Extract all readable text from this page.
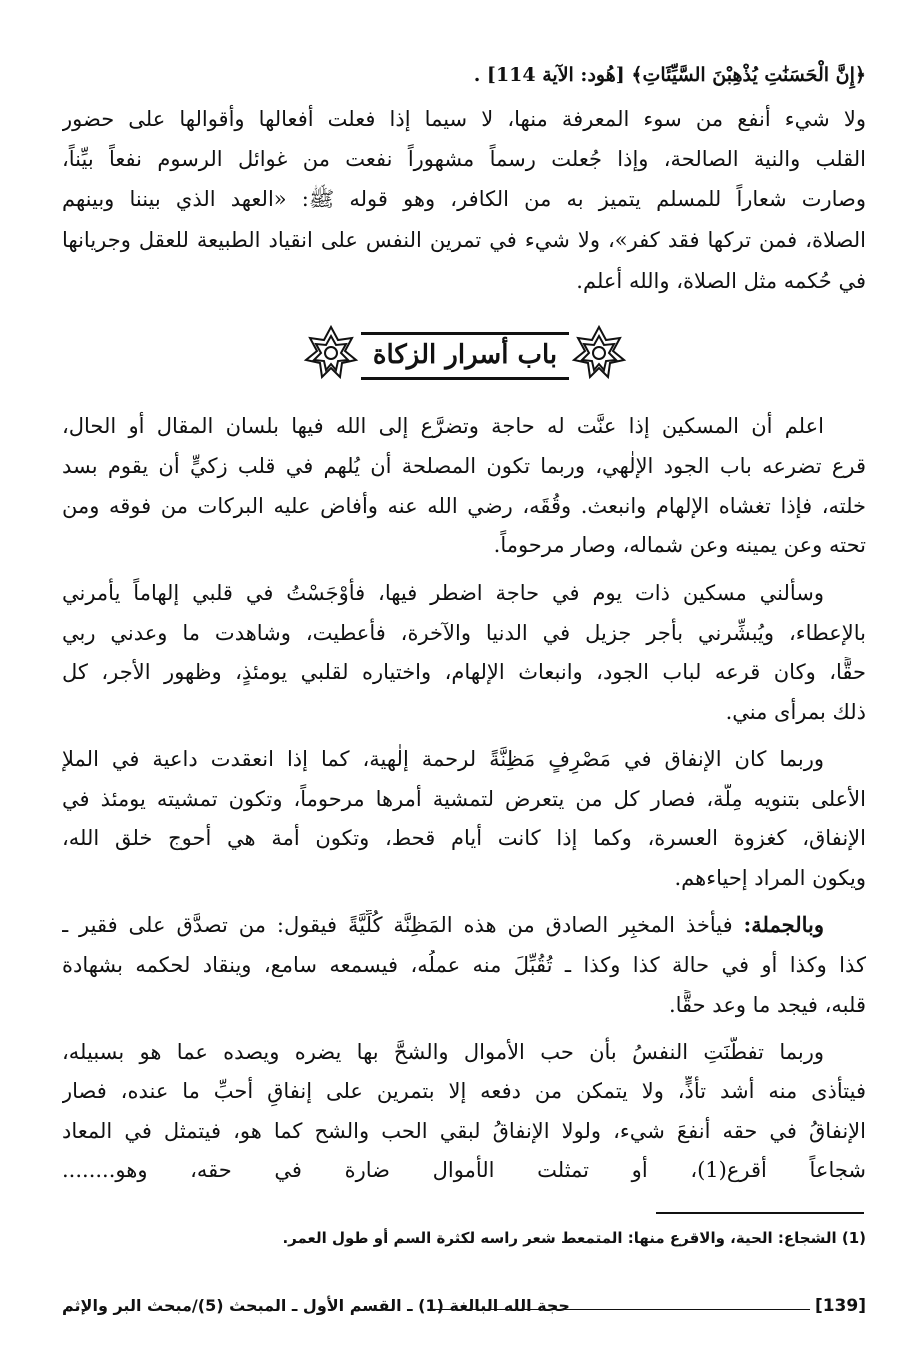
﴿إِنَّ الْحَسَنَٰتِ يُذْهِبْنَ السَّيِّئَاتِ﴾ [هُود: الآية 114] .
ولا شيء أنفع من سوء المعرفة منها، لا سيما إذا فعلت أفعالها وأقوالها على حضور
القلب والنية الصالحة، وإذا جُعلت رسماً مشهوراً نفعت من غوائل الرسوم نفعاً بيِّناً،
وصارت شعاراً للمسلم يتميز به من الكافر، وهو قوله ﷺ: «العهد الذي بيننا وبينهم
الصلاة، فمن تركها فقد كفر»، ولا شيء في تمرين النفس على انقياد الطبيعة للعقل وجريانها
في حُكمه مثل الصلاة، والله أعلم.
باب أسرار الزكاة
اعلم أن المسكين إذا عنَّت له حاجة وتضرَّع إلى الله فيها بلسان المقال أو الحال،
قرع تضرعه باب الجود الإلٰهي، وربما تكون المصلحة أن يُلهم في قلب زكيٍّ أن يقوم بسد
خلته، فإذا تغشاه الإلهام وانبعث. وقُقَه، رضي الله عنه وأفاض عليه البركات من فوقه ومن
تحته وعن يمينه وعن شماله، وصار مرحوماً.
وسألني مسكين ذات يوم في حاجة اضطر فيها، فأَوْجَسْتُ في قلبي إلهاماً يأمرني
بالإعطاء، ويُبشِّرني بأجر جزيل في الدنيا والآخرة، فأعطيت، وشاهدت ما وعدني ربي
حقًّا، وكان قرعه لباب الجود، وانبعاث الإلهام، واختياره لقلبي يومئذٍ، وظهور الأجر، كل
ذلك بمرأى مني.
وربما كان الإنفاق في مَصْرِفٍ مَظِنَّةً لرحمة إلٰهية، كما إذا انعقدت داعية في الملإ
الأعلى بتنويه مِلَّة، فصار كل من يتعرض لتمشية أمرها مرحوماً، وتكون تمشيته يومئذ في
الإنفاق، كغزوة العسرة، وكما إذا كانت أيام قحط، وتكون أمة هي أحوج خلق الله،
ويكون المراد إحياءهم.
وبالجملة: فيأخذ المخبِر الصادق من هذه المَظِنَّة كُلِّيَّةً فيقول: من تصدَّق على فقير ـ
كذا وكذا أو في حالة كذا وكذا ـ تُقُبِّلَ منه عملُه، فيسمعه سامع، وينقاد لحكمه بشهادة
قلبه، فيجد ما وعد حقًّا.
وربما تفطَّنَتِ النفسُ بأن حب الأموال والشحَّ بها يضره ويصده عما هو بسبيله،
فيتأذى منه أشد تأذٍّ، ولا يتمكن من دفعه إلا بتمرين على إنفاقِ أحبِّ ما عنده، فصار
الإنفاقُ في حقه أنفعَ شيء، ولولا الإنفاقُ لبقي الحب والشح كما هو، فيتمثل في المعاد
شجاعاً أقرع(1)، أو تمثلت الأموال ضارة في حقه، وهو........
(1) الشجاع: الحية، والاقرع منها: المتمعط شعر راسه لكثرة السم أو طول العمر.
[139]
حجة الله البالغة (1) ـ القسم الأول ـ المبحث (5)/مبحث البر والإثم
